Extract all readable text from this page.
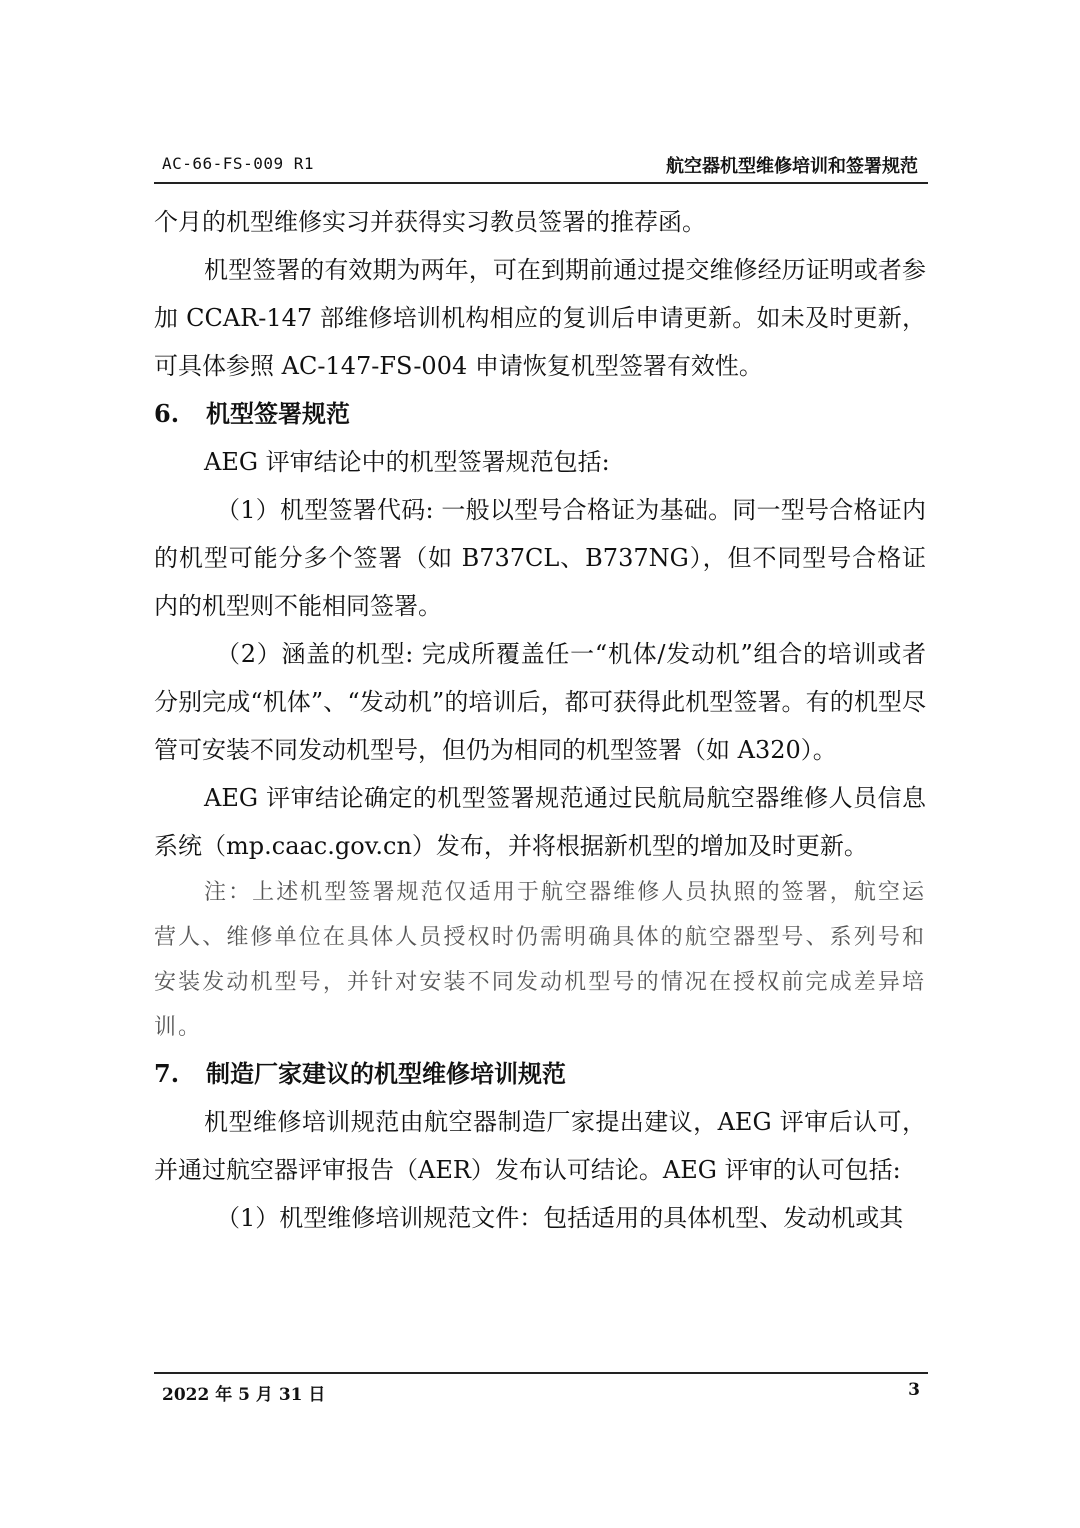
AC-66-FS-009 R1	航空器机型维修培训和签署规范

个月的机型维修实习并获得实习教员签署的推荐函。

机型签署的有效期为两年，可在到期前通过提交维修经历证明或者参加 CCAR-147 部维修培训机构相应的复训后申请更新。如未及时更新，可具体参照 AC-147-FS-004 申请恢复机型签署有效性。

6. 机型签署规范

AEG 评审结论中的机型签署规范包括:

（1）机型签署代码: 一般以型号合格证为基础。同一型号合格证内的机型可能分多个签署（如 B737CL、B737NG），但不同型号合格证内的机型则不能相同签署。

（2）涵盖的机型: 完成所覆盖任一“机体/发动机”组合的培训或者分别完成“机体”、“发动机”的培训后，都可获得此机型签署。有的机型尽管可安装不同发动机型号，但仍为相同的机型签署（如 A320）。

AEG 评审结论确定的机型签署规范通过民航局航空器维修人员信息系统（mp.caac.gov.cn）发布，并将根据新机型的增加及时更新。

注：上述机型签署规范仅适用于航空器维修人员执照的签署，航空运营人、维修单位在具体人员授权时仍需明确具体的航空器型号、系列号和安装发动机型号，并针对安装不同发动机型号的情况在授权前完成差异培训。

7. 制造厂家建议的机型维修培训规范

机型维修培训规范由航空器制造厂家提出建议，AEG 评审后认可，并通过航空器评审报告（AER）发布认可结论。AEG 评审的认可包括:

（1）机型维修培训规范文件：包括适用的具体机型、发动机或其

2022 年 5 月 31 日	3
